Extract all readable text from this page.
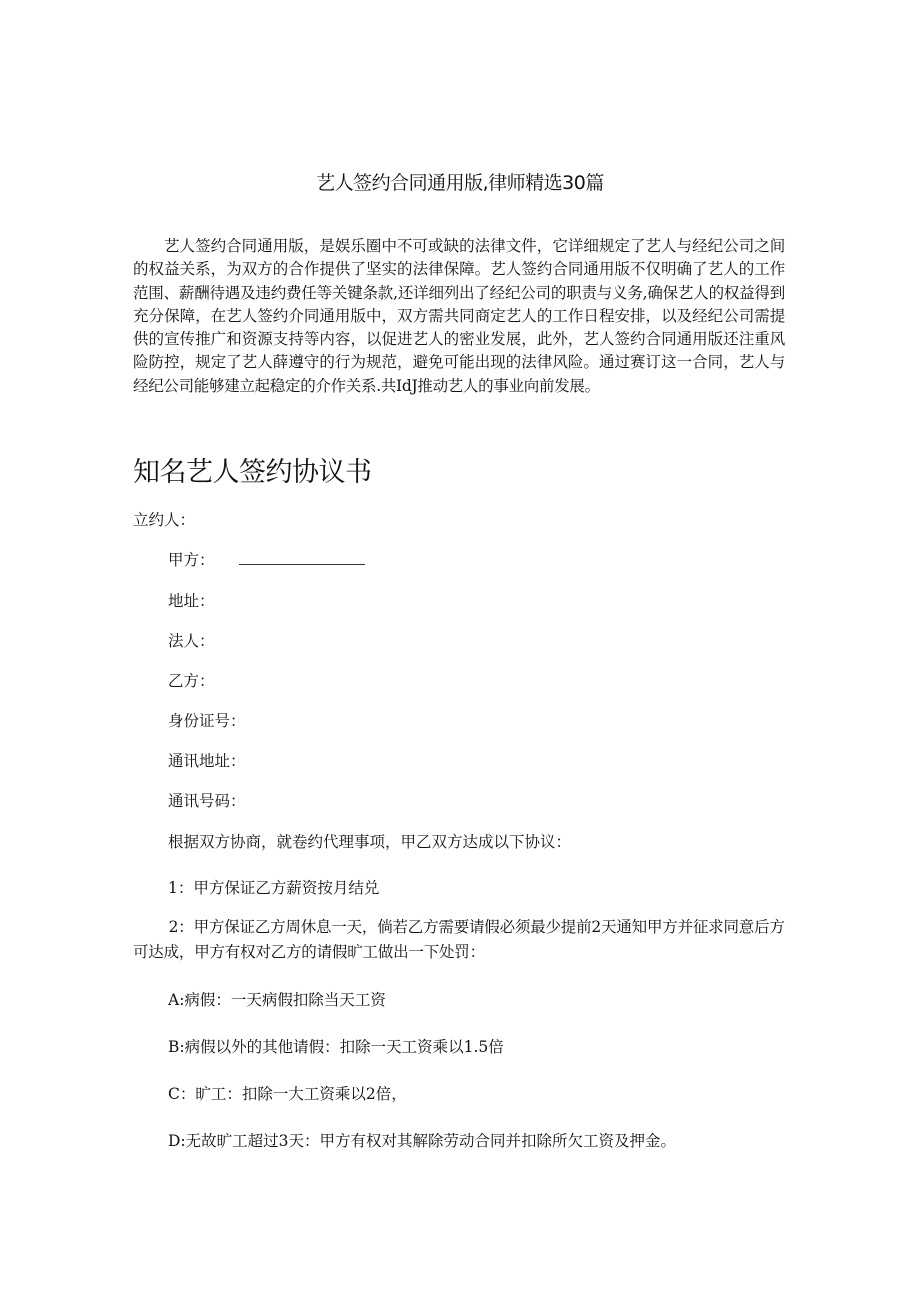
艺人签约合同通用版,律师精选30篇

艺人签约合同通用版，是娱乐圈中不可或缺的法律文件，它详细规定了艺人与经纪公司之间的权益关系，为双方的合作提供了坚实的法律保障。艺人签约合同通用版不仅明确了艺人的工作范围、薪酬待遇及违约费任等关键条款,还详细列出了经纪公司的职责与义务,确保艺人的权益得到充分保障，在艺人签约介同通用版中，双方需共同商定艺人的工作日程安排，以及经纪公司需提供的宣传推广和资源支持等内容，以促进艺人的密业发展，此外，艺人签约合同通用版还注重风险防控，规定了艺人薛遵守的行为规范，避免可能出现的法律风险。通过赛订这一合同，艺人与经纪公司能够建立起稳定的介作关系.共IdJ推动艺人的事业向前发展。

知名艺人签约协议书

立约人：

甲方：

地址：

法人：

乙方：

身份证号：

通讯地址：

通讯号码：

根据双方协商，就卷约代理事项，甲乙双方达成以下协议：

1：甲方保证乙方薪资按月结兑

2：甲方保证乙方周休息一天，倘若乙方需要请假必须最少提前2天通知甲方并征求同意后方可达成，甲方有权对乙方的请假旷工做出一下处罚：

A:病假：一天病假扣除当天工资

B:病假以外的其他请假：扣除一天工资乘以1.5倍

C：旷工：扣除一大工资乘以2倍，

D:无故旷工超过3天：甲方有权对其解除劳动合同并扣除所欠工资及押金。
